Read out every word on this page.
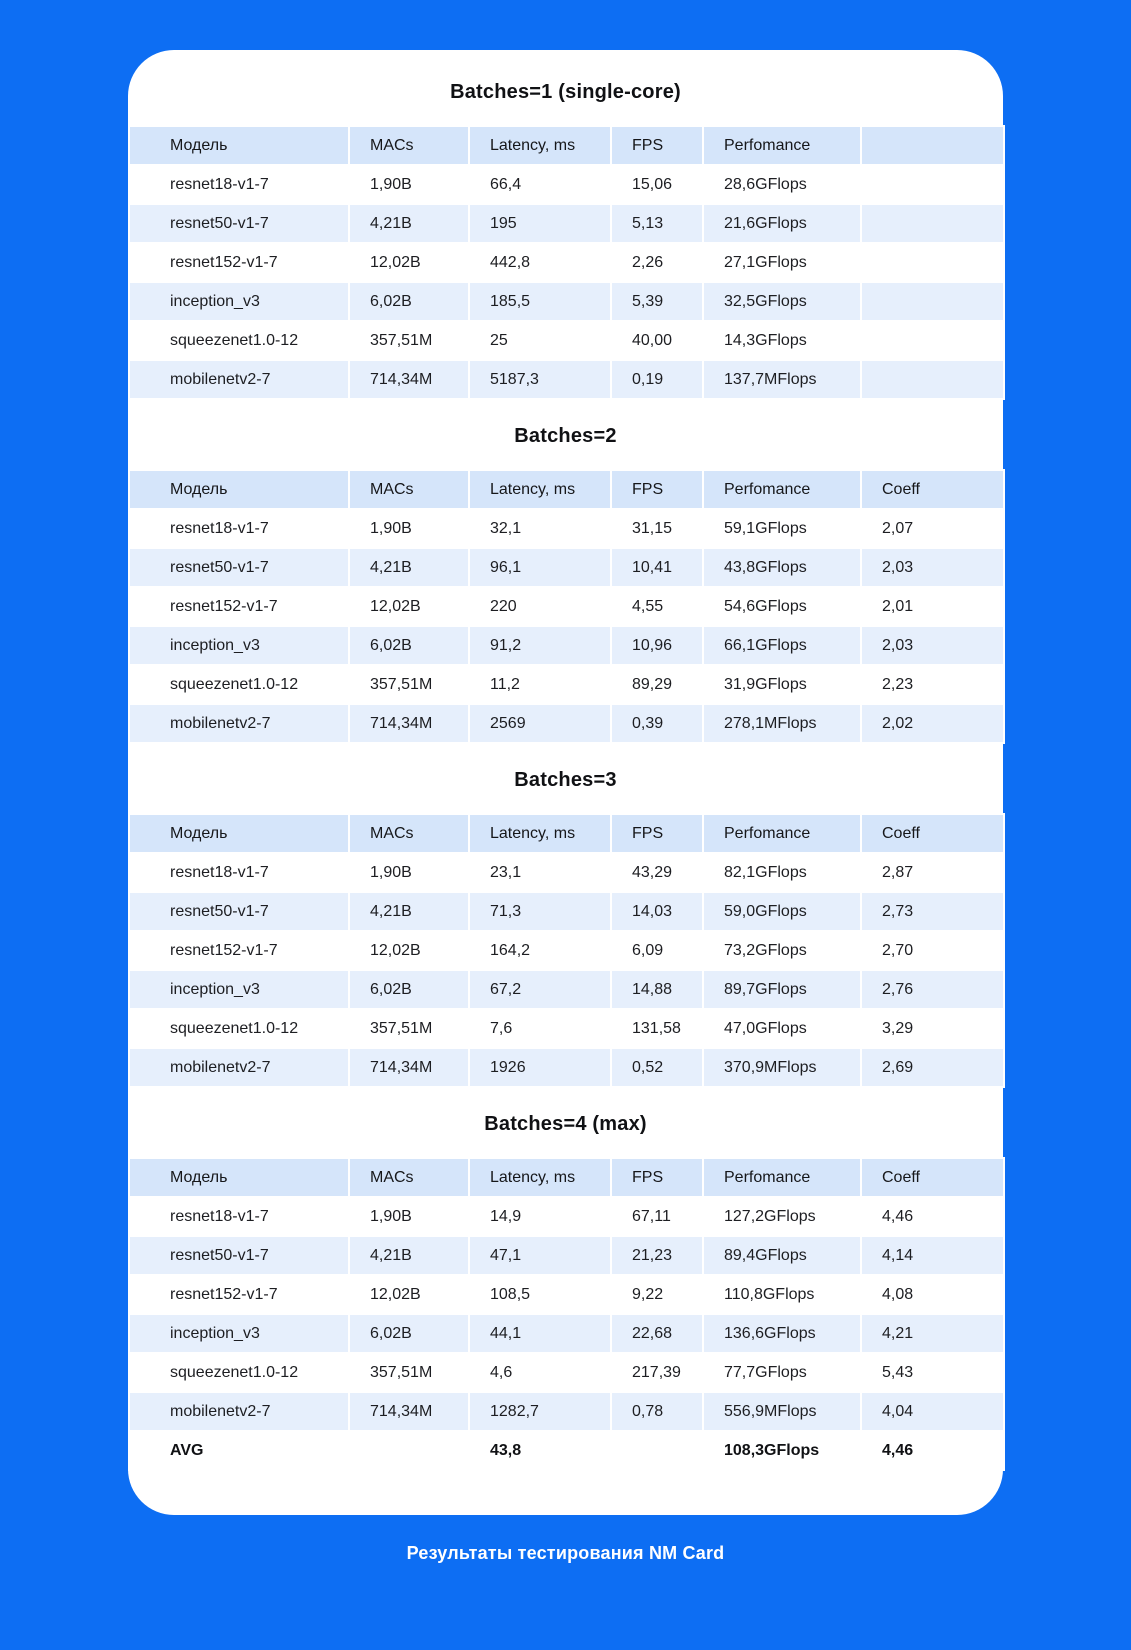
Batches=1 (single-core)
Модель	MACs	Latency, ms	FPS	Perfomance	
resnet18-v1-7	1,90B	66,4	15,06	28,6GFlops	
resnet50-v1-7	4,21B	195	5,13	21,6GFlops	
resnet152-v1-7	12,02B	442,8	2,26	27,1GFlops	
inception_v3	6,02B	185,5	5,39	32,5GFlops	
squeezenet1.0-12	357,51M	25	40,00	14,3GFlops	
mobilenetv2-7	714,34M	5187,3	0,19	137,7MFlops	
Batches=2
Модель	MACs	Latency, ms	FPS	Perfomance	Coeff
resnet18-v1-7	1,90B	32,1	31,15	59,1GFlops	2,07
resnet50-v1-7	4,21B	96,1	10,41	43,8GFlops	2,03
resnet152-v1-7	12,02B	220	4,55	54,6GFlops	2,01
inception_v3	6,02B	91,2	10,96	66,1GFlops	2,03
squeezenet1.0-12	357,51M	11,2	89,29	31,9GFlops	2,23
mobilenetv2-7	714,34M	2569	0,39	278,1MFlops	2,02
Batches=3
Модель	MACs	Latency, ms	FPS	Perfomance	Coeff
resnet18-v1-7	1,90B	23,1	43,29	82,1GFlops	2,87
resnet50-v1-7	4,21B	71,3	14,03	59,0GFlops	2,73
resnet152-v1-7	12,02B	164,2	6,09	73,2GFlops	2,70
inception_v3	6,02B	67,2	14,88	89,7GFlops	2,76
squeezenet1.0-12	357,51M	7,6	131,58	47,0GFlops	3,29
mobilenetv2-7	714,34M	1926	0,52	370,9MFlops	2,69
Batches=4 (max)
Модель	MACs	Latency, ms	FPS	Perfomance	Coeff
resnet18-v1-7	1,90B	14,9	67,11	127,2GFlops	4,46
resnet50-v1-7	4,21B	47,1	21,23	89,4GFlops	4,14
resnet152-v1-7	12,02B	108,5	9,22	110,8GFlops	4,08
inception_v3	6,02B	44,1	22,68	136,6GFlops	4,21
squeezenet1.0-12	357,51M	4,6	217,39	77,7GFlops	5,43
mobilenetv2-7	714,34M	1282,7	0,78	556,9MFlops	4,04
AVG		43,8		108,3GFlops	4,46

Результаты тестирования NM Card
